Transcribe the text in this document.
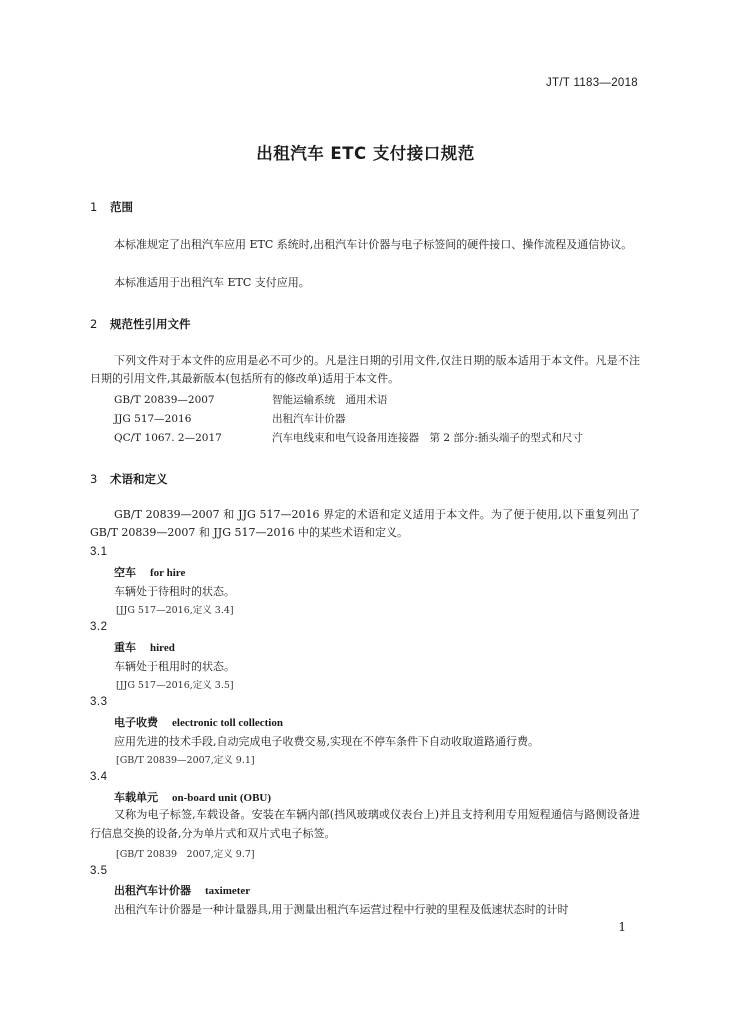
JT/T 1183—2018
出租汽车 ETC 支付接口规范
1 范围
本标准规定了出租汽车应用 ETC 系统时,出租汽车计价器与电子标签间的硬件接口、操作流程及通信协议。
本标准适用于出租汽车 ETC 支付应用。
2 规范性引用文件
下列文件对于本文件的应用是必不可少的。凡是注日期的引用文件,仅注日期的版本适用于本文件。凡是不注日期的引用文件,其最新版本(包括所有的修改单)适用于本文件。
GB/T 20839—2007	智能运输系统　通用术语
JJG 517—2016	出租汽车计价器
QC/T 1067. 2—2017	汽车电线束和电气设备用连接器　第 2 部分:插头端子的型式和尺寸
3 术语和定义
GB/T 20839—2007 和 JJG 517—2016 界定的术语和定义适用于本文件。为了便于使用,以下重复列出了 GB/T 20839—2007 和 JJG 517—2016 中的某些术语和定义。
3.1
空车 for hire
车辆处于待租时的状态。
[JJG 517—2016,定义 3.4]
3.2
重车 hired
车辆处于租用时的状态。
[JJG 517—2016,定义 3.5]
3.3
电子收费 electronic toll collection
应用先进的技术手段,自动完成电子收费交易,实现在不停车条件下自动收取道路通行费。
[GB/T 20839—2007,定义 9.1]
3.4
车载单元 on-board unit (OBU)
又称为电子标签,车载设备。安装在车辆内部(挡风玻璃或仪表台上)并且支持利用专用短程通信与路侧设备进行信息交换的设备,分为单片式和双片式电子标签。
[GB/T 20839　2007,定义 9.7]
3.5
出租汽车计价器 taximeter
出租汽车计价器是一种计量器具,用于测量出租汽车运营过程中行驶的里程及低速状态时的计时
1
